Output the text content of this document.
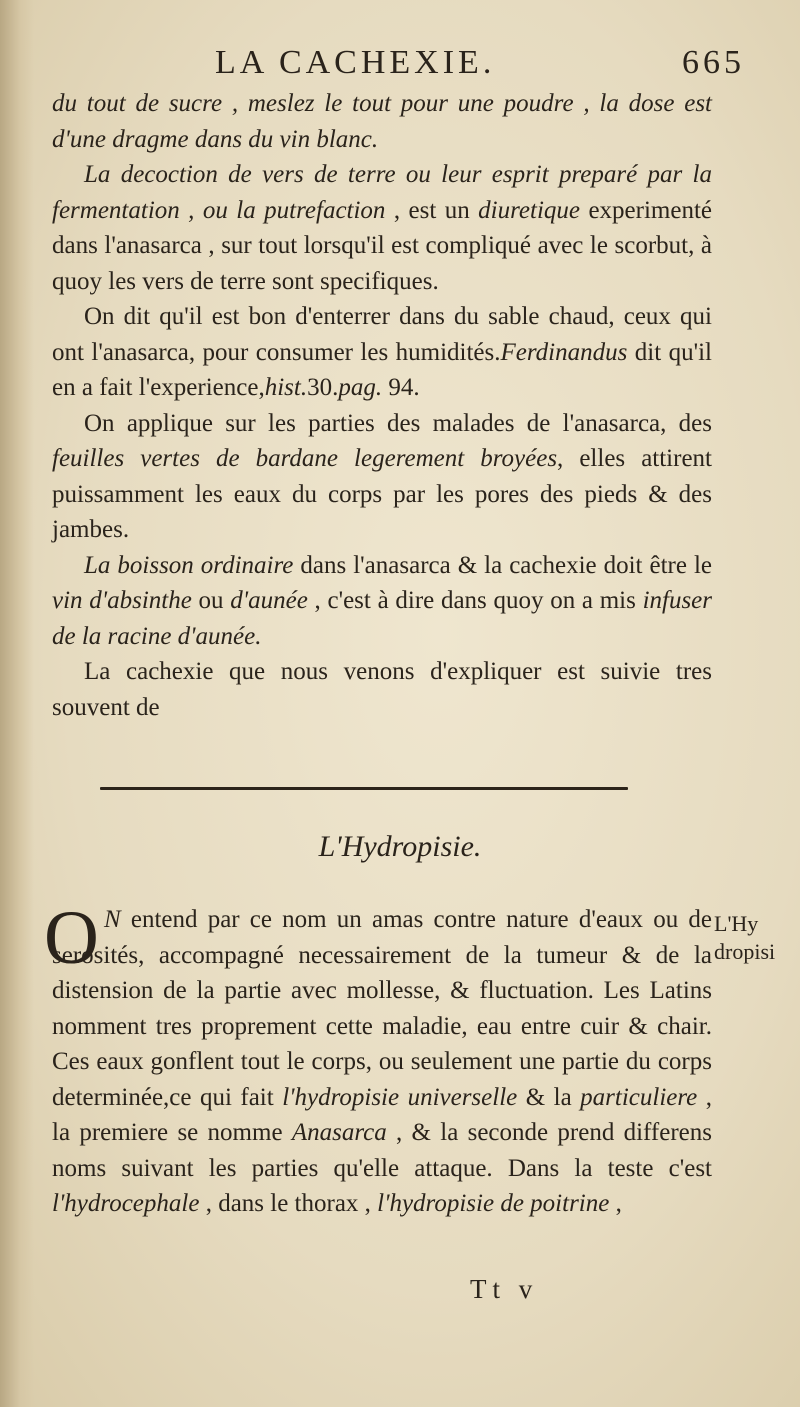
LA CACHEXIE.	665

du tout de sucre , meslez le tout pour une poudre , la dose est d'une dragme dans du vin blanc.

La decoction de vers de terre ou leur esprit preparé par la fermentation , ou la putrefaction , est un diuretique experimenté dans l'anasarca , sur tout lorsqu'il est compliqué avec le scorbut, à quoy les vers de terre sont specifiques.

On dit qu'il est bon d'enterrer dans du sable chaud, ceux qui ont l'anasarca, pour consumer les humidités.Ferdinandus dit qu'il en a fait l'experience,hist.30.pag. 94.

On applique sur les parties des malades de l'anasarca, des feuilles vertes de bardane legerement broyées, elles attirent puissamment les eaux du corps par les pores des pieds & des jambes.

La boisson ordinaire dans l'anasarca & la cachexie doit être le vin d'absinthe ou d'aunée , c'est à dire dans quoy on a mis infuser de la racine d'aunée.

La cachexie que nous venons d'expliquer est suivie tres souvent de

L'Hydropisie.
O N entend par ce nom un amas contre nature d'eaux ou de serosités, accompagné necessairement de la tumeur & de la distension de la partie avec mollesse, & fluctuation. Les Latins nomment tres proprement cette maladie, eau entre cuir & chair. Ces eaux gonflent tout le corps, ou seulement une partie du corps determinée,ce qui fait l'hydropisie universelle & la particuliere , la premiere se nomme Anasarca , & la seconde prend differens noms suivant les parties qu'elle attaque. Dans la teste c'est l'hydrocephale , dans le thorax , l'hydropisie de poitrine ,

L'Hy
dropisi
Tt v
